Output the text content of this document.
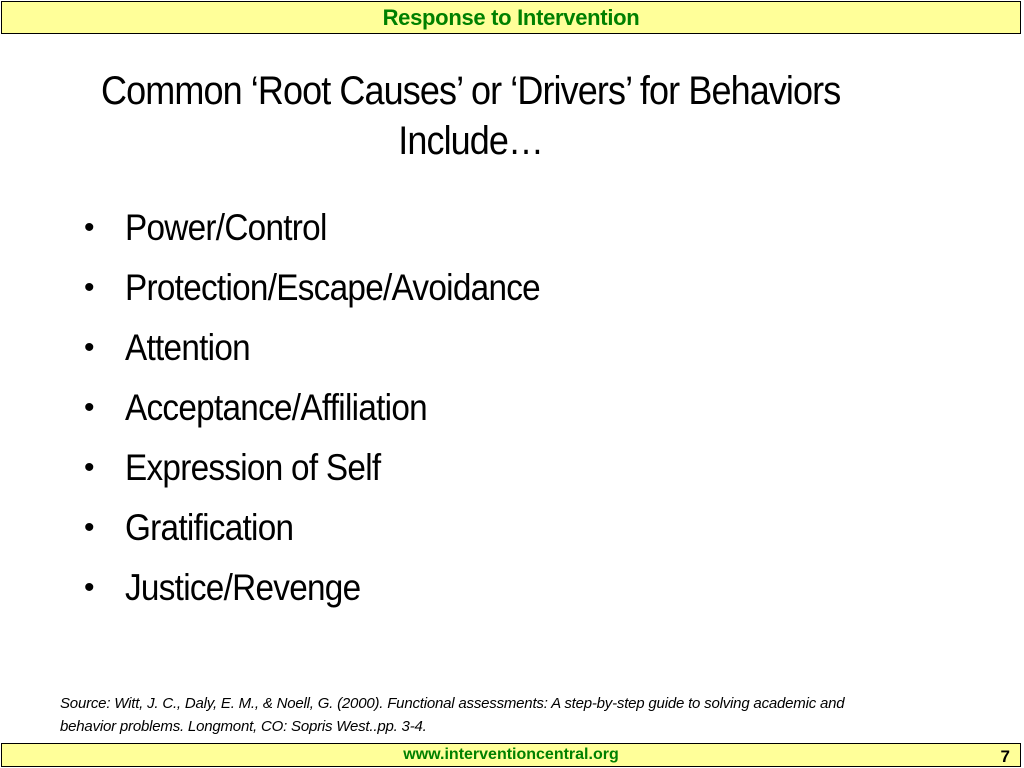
Response to Intervention
Common ‘Root Causes’ or ‘Drivers’ for Behaviors
Include…
• Power/Control
• Protection/Escape/Avoidance
• Attention
• Acceptance/Affiliation
• Expression of Self
• Gratification
• Justice/Revenge
Source: Witt, J. C., Daly, E. M., & Noell, G. (2000). Functional assessments: A step-by-step guide to solving academic and
behavior problems. Longmont, CO: Sopris West..pp. 3-4.
www.interventioncentral.org	7
